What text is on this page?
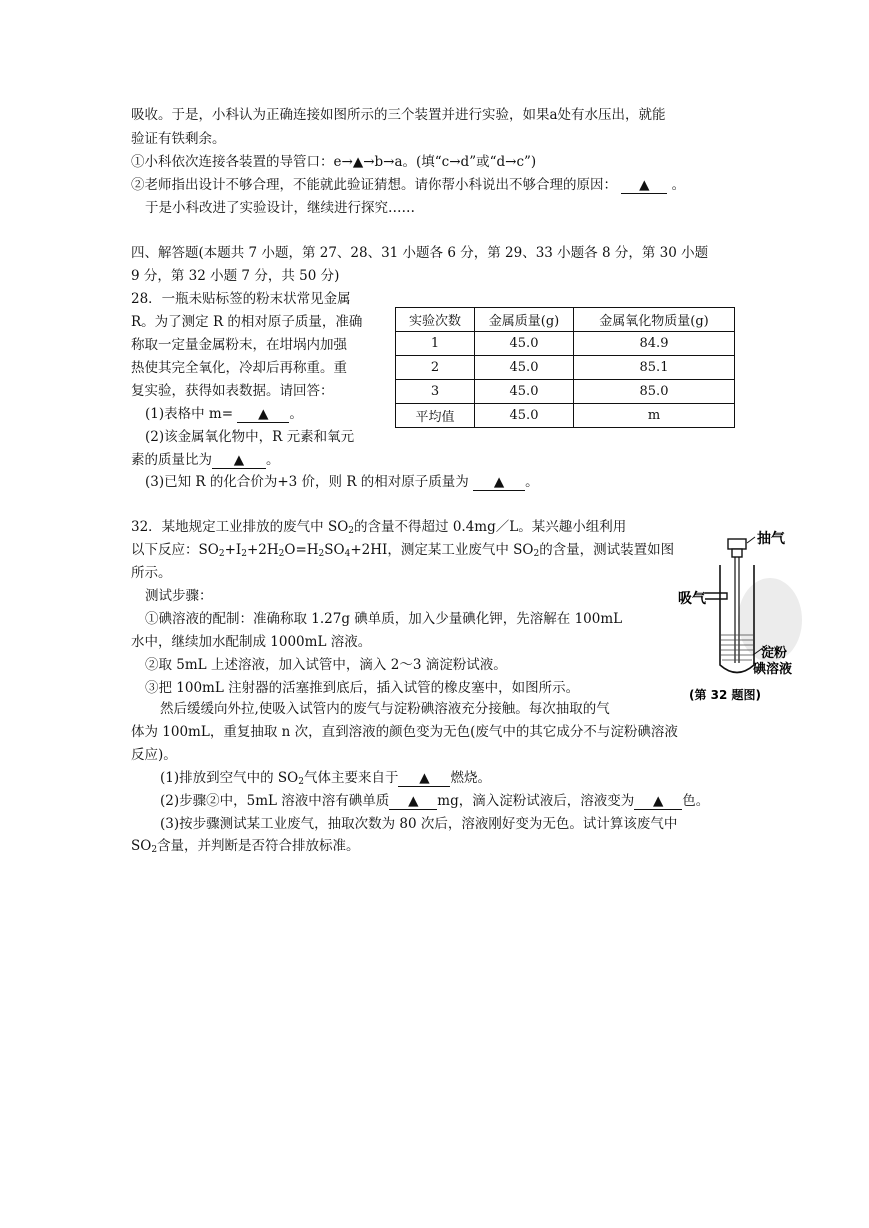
吸收。于是，小科认为正确连接如图所示的三个装置并进行实验，如果a处有水压出，就能
验证有铁剩余。
①小科依次连接各装置的导管口：e→▲→b→a。(填“c→d”或“d→c”)
②老师指出设计不够合理，不能就此验证猜想。请你帮小科说出不够合理的原因： ▲ 。
于是小科改进了实验设计，继续进行探究……
四、解答题(本题共 7 小题，第 27、28、31 小题各 6 分，第 29、33 小题各 8 分，第 30 小题
9 分，第 32 小题 7 分，共 50 分)
28．一瓶未贴标签的粉末状常见金属
R。为了测定 R 的相对原子质量，准确
称取一定量金属粉末，在坩埚内加强
热使其完全氧化，冷却后再称重。重
复实验，获得如表数据。请回答：
(1)表格中 m= ▲ 。
(2)该金属氧化物中，R 元素和氧元
素的质量比为 ▲ 。
(3)已知 R 的化合价为+3 价，则 R 的相对原子质量为 ▲ 。
实验次数	金属质量(g)	金属氧化物质量(g)
1	45.0	84.9
2	45.0	85.1
3	45.0	85.0
平均值	45.0	m
32．某地规定工业排放的废气中 $SO_2$的含量不得超过 0.4mg／L。某兴趣小组利用
以下反应：$SO_2+I_2+2H_2O=H_2SO_4+2HI$，测定某工业废气中 $SO_2$的含量，测试装置如图
所示。
测试步骤：
①碘溶液的配制：准确称取 1.27g 碘单质，加入少量碘化钾，先溶解在 100mL
水中，继续加水配制成 1000mL 溶液。
②取 5mL 上述溶液，加入试管中，滴入 2～3 滴淀粉试液。
③把 100mL 注射器的活塞推到底后，插入试管的橡皮塞中，如图所示。
然后缓缓向外拉,使吸入试管内的废气与淀粉碘溶液充分接触。每次抽取的气
体为 100mL，重复抽取 n 次，直到溶液的颜色变为无色(废气中的其它成分不与淀粉碘溶液
反应)。
(1)排放到空气中的 $SO_2$气体主要来自于 ▲ 燃烧。
(2)步骤②中，5mL 溶液中溶有碘单质 ▲ mg，滴入淀粉试液后，溶液变为 ▲ 色。
(3)按步骤测试某工业废气，抽取次数为 80 次后，溶液刚好变为无色。试计算该废气中
$SO_2$含量，并判断是否符合排放标准。
抽气
吸气
淀粉
碘溶液
(第 32 题图)
